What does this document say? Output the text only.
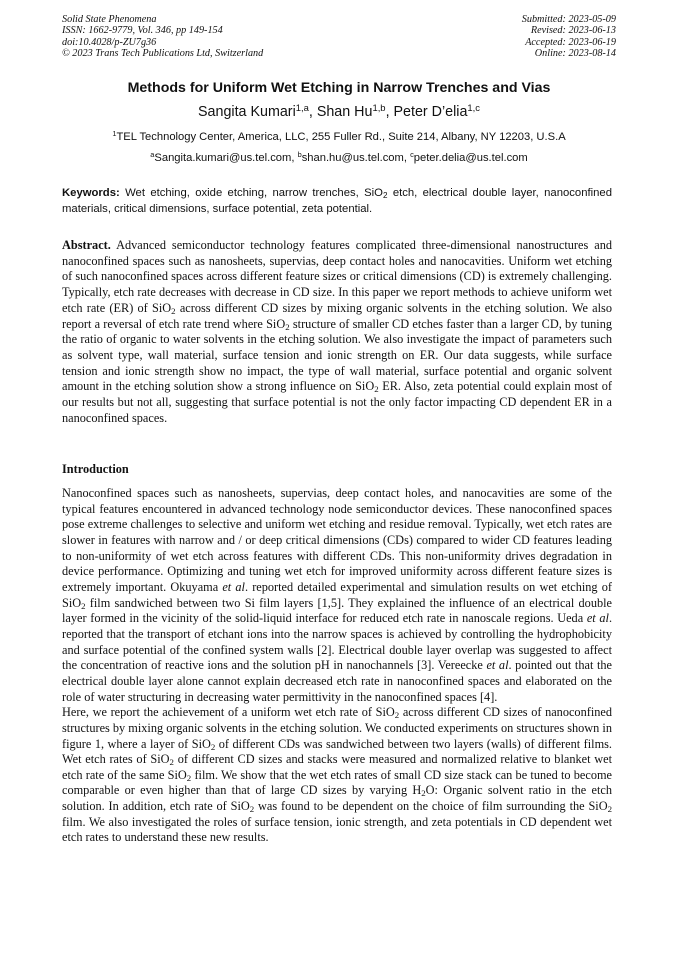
Solid State Phenomena
ISSN: 1662-9779, Vol. 346, pp 149-154
doi:10.4028/p-ZU7g36
© 2023 Trans Tech Publications Ltd, Switzerland
Submitted: 2023-05-09
Revised: 2023-06-13
Accepted: 2023-06-19
Online: 2023-08-14
Methods for Uniform Wet Etching in Narrow Trenches and Vias
Sangita Kumari$^{1,a}$, Shan Hu$^{1,b}$, Peter D’elia$^{1,c}$
$^1$TEL Technology Center, America, LLC, 255 Fuller Rd., Suite 214, Albany, NY 12203, U.S.A
$^a$Sangita.kumari@us.tel.com, $^b$shan.hu@us.tel.com, $^c$peter.delia@us.tel.com
Keywords: Wet etching, oxide etching, narrow trenches, SiO$_2$ etch, electrical double layer, nanoconfined materials, critical dimensions, surface potential, zeta potential.
Abstract. Advanced semiconductor technology features complicated three-dimensional nanostructures and nanoconfined spaces such as nanosheets, supervias, deep contact holes and nanocavities. Uniform wet etching of such nanoconfined spaces across different feature sizes or critical dimensions (CD) is extremely challenging. Typically, etch rate decreases with decrease in CD size. In this paper we report methods to achieve uniform wet etch rate (ER) of SiO$_2$ across different CD sizes by mixing organic solvents in the etching solution. We also report a reversal of etch rate trend where SiO$_2$ structure of smaller CD etches faster than a larger CD, by tuning the ratio of organic to water solvents in the etching solution. We also investigate the impact of parameters such as solvent type, wall material, surface tension and ionic strength on ER. Our data suggests, while surface tension and ionic strength show no impact, the type of wall material, surface potential and organic solvent amount in the etching solution show a strong influence on SiO$_2$ ER. Also, zeta potential could explain most of our results but not all, suggesting that surface potential is not the only factor impacting CD dependent ER in a nanoconfined spaces.
Introduction
Nanoconfined spaces such as nanosheets, supervias, deep contact holes, and nanocavities are some of the typical features encountered in advanced technology node semiconductor devices. These nanoconfined spaces pose extreme challenges to selective and uniform wet etching and residue removal. Typically, wet etch rates are slower in features with narrow and / or deep critical dimensions (CDs) compared to wider CD features leading to non-uniformity of wet etch across features with different CDs. This non-uniformity drives degradation in device performance. Optimizing and tuning wet etch for improved uniformity across different feature sizes is extremely important. Okuyama et al. reported detailed experimental and simulation results on wet etching of SiO$_2$ film sandwiched between two Si film layers [1,5]. They explained the influence of an electrical double layer formed in the vicinity of the solid-liquid interface for reduced etch rate in nanoscale regions. Ueda et al. reported that the transport of etchant ions into the narrow spaces is achieved by controlling the hydrophobicity and surface potential of the confined system walls [2]. Electrical double layer overlap was suggested to affect the concentration of reactive ions and the solution pH in nanochannels [3]. Vereecke et al. pointed out that the electrical double layer alone cannot explain decreased etch rate in nanoconfined spaces and elaborated on the role of water structuring in decreasing water permittivity in the nanoconfined spaces [4].
Here, we report the achievement of a uniform wet etch rate of SiO$_2$ across different CD sizes of nanoconfined structures by mixing organic solvents in the etching solution. We conducted experiments on structures shown in figure 1, where a layer of SiO$_2$ of different CDs was sandwiched between two layers (walls) of different films. Wet etch rates of SiO$_2$ of different CD sizes and stacks were measured and normalized relative to blanket wet etch rate of the same SiO$_2$ film. We show that the wet etch rates of small CD size stack can be tuned to become comparable or even higher than that of large CD sizes by varying $H_2O$: Organic solvent ratio in the etch solution. In addition, etch rate of SiO$_2$ was found to be dependent on the choice of film surrounding the SiO$_2$ film. We also investigated the roles of surface tension, ionic strength, and zeta potentials in CD dependent wet etch rates to understand these new results.
